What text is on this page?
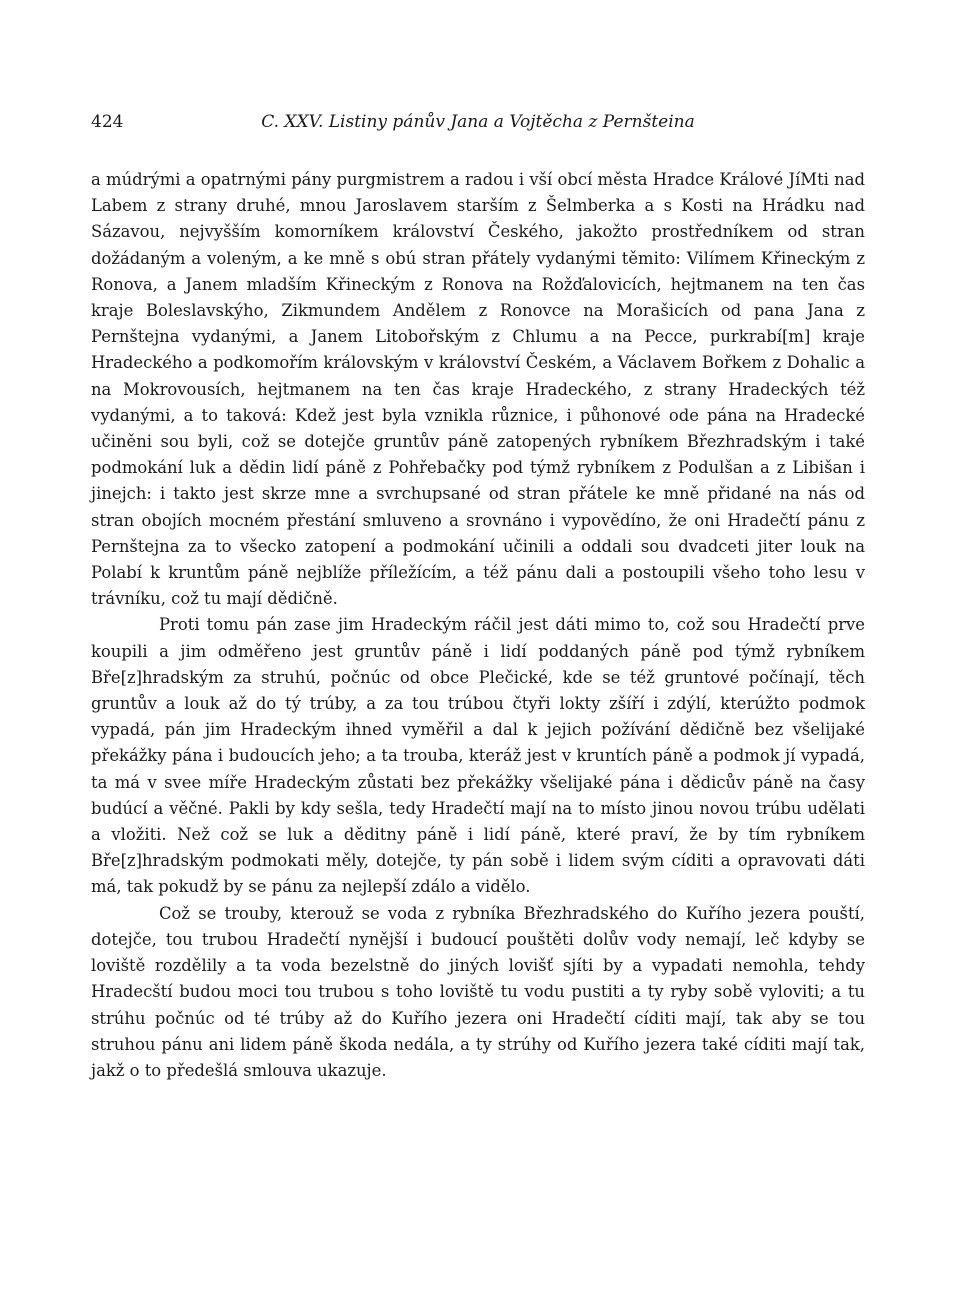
424	C. XXV. Listiny pánův Jana a Vojtěcha z Pernšteina

a múdrými a opatrnými pány purgmistrem a radou i vší obcí města Hradce Králové JíMti nad Labem z strany druhé, mnou Jaroslavem starším z Šelmberka a s Kosti na Hrádku nad Sázavou, nejvyšším komorníkem království Českého, jakožto prostředníkem od stran dožádaným a voleným, a ke mně s obú stran přátely vydanými těmito: Vilímem Křineckým z Ronova, a Janem mladším Křineckým z Ronova na Rožďalovicích, hejtmanem na ten čas kraje Boleslavskýho, Zikmundem Andělem z Ronovce na Morašicích od pana Jana z Pernštejna vydanými, a Janem Litobořským z Chlumu a na Pecce, purkrabí[m] kraje Hradeckého a podkomořím královským v království Českém, a Václavem Bořkem z Dohalic a na Mokrovousích, hejtmanem na ten čas kraje Hradeckého, z strany Hradeckých též vydanými, a to taková: Kdež jest byla vznikla různice, i půhonové ode pána na Hradecké učiněni sou byli, což se dotejče gruntův páně zatopených rybníkem Březhradským i také podmokání luk a dědin lidí páně z Pohřebačky pod týmž rybníkem z Podulšan a z Libišan i jinejch: i takto jest skrze mne a svrchupsané od stran přátele ke mně přidané na nás od stran obojích mocném přestání smluveno a srovnáno i vypovědíno, že oni Hradečtí pánu z Pernštejna za to všecko zatopení a podmokání učinili a oddali sou dvadceti jiter louk na Polabí k kruntům páně nejblíže příležícím, a též pánu dali a postoupili všeho toho lesu v trávníku, což tu mají dědičně.

Proti tomu pán zase jim Hradeckým ráčil jest dáti mimo to, což sou Hradečtí prve koupili a jim odměřeno jest gruntův páně i lidí poddaných páně pod týmž rybníkem Bře[z]hradským za struhú, počnúc od obce Plečické, kde se též gruntové počínají, těch gruntův a louk až do tý trúby, a za tou trúbou čtyři lokty zšíří i zdýlí, kterúžto podmok vypadá, pán jim Hradeckým ihned vyměřil a dal k jejich požívání dědičně bez všelijaké překážky pána i budoucích jeho; a ta trouba, kteráž jest v kruntích páně a podmok jí vypadá, ta má v svee míře Hradeckým zůstati bez překážky všelijaké pána i dědicův páně na časy budúcí a věčné. Pakli by kdy sešla, tedy Hradečtí mají na to místo jinou novou trúbu udělati a vložiti. Než což se luk a děditny páně i lidí páně, které praví, že by tím rybníkem Bře[z]hradským podmokati měly, dotejče, ty pán sobě i lidem svým cíditi a opravovati dáti má, tak pokudž by se pánu za nejlepší zdálo a vidělo.

Což se trouby, kterouž se voda z rybníka Březhradského do Kuřího jezera pouští, dotejče, tou trubou Hradečtí nynější i budoucí pouštěti dolův vody nemají, leč kdyby se loviště rozdělily a ta voda bezelstně do jiných lovišť sjíti by a vypadati nemohla, tehdy Hradecští budou moci tou trubou s toho loviště tu vodu pustiti a ty ryby sobě vyloviti; a tu strúhu počnúc od té trúby až do Kuřího jezera oni Hradečtí cíditi mají, tak aby se tou struhou pánu ani lidem páně škoda nedála, a ty strúhy od Kuřího jezera také cíditi mají tak, jakž o to předešlá smlouva ukazuje.
